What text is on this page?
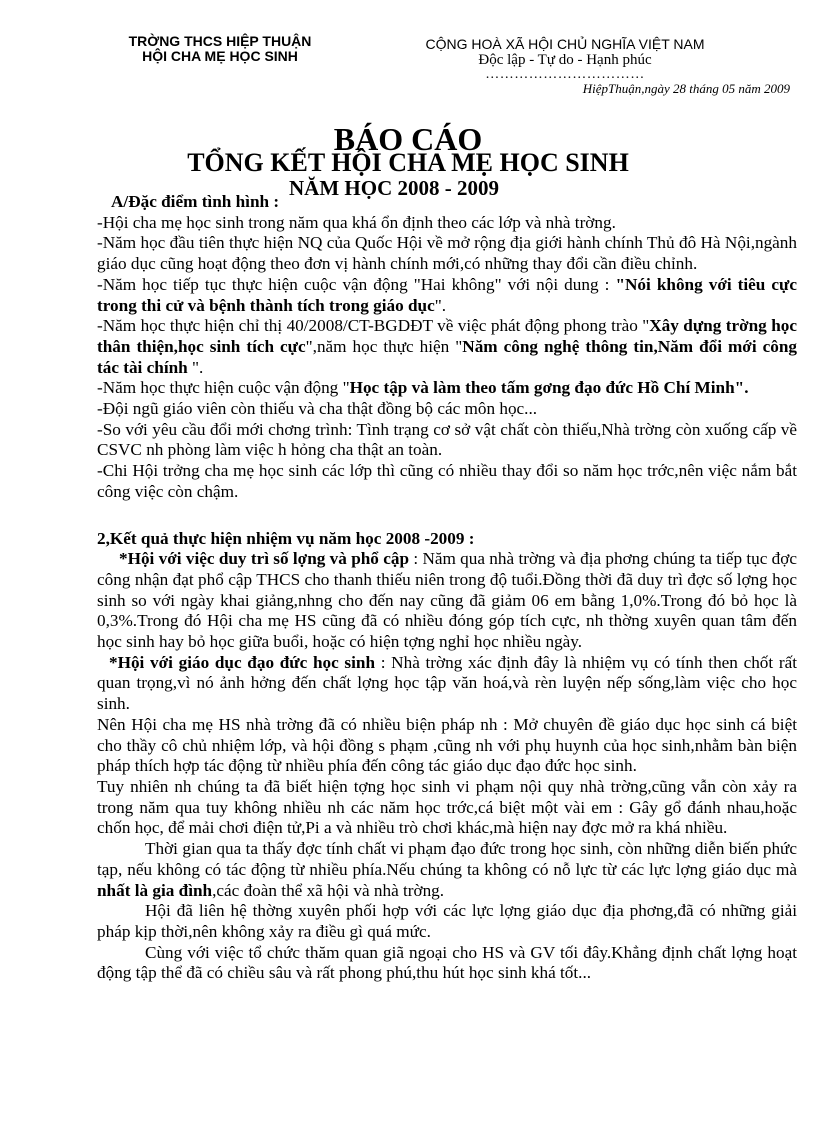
TRỜNG THCS HIỆP THUẬN
HỘI CHA MẸ HỌC SINH
CỘNG HOÀ XÃ HỘI CHỦ NGHĨA VIỆT NAM
Độc lập - Tự do - Hạnh phúc
……………………………
HiệpThuận,ngày 28 tháng 05 năm 2009
BÁO CÁO
TỔNG KẾT HỘI CHA MẸ HỌC SINH
NĂM HỌC 2008 - 2009

A/Đặc điểm tình hình :

-Hội cha mẹ học sinh trong năm qua khá ổn định theo các lớp và nhà trờng.

-Năm học đầu tiên thực hiện NQ của Quốc Hội về mở rộng địa giới hành chính Thủ đô Hà Nội,ngành giáo dục cũng hoạt động theo đơn vị hành chính mới,có những thay đổi cần điều chỉnh.

-Năm học tiếp tục thực hiện cuộc vận động "Hai không" với nội dung : "Nói không với tiêu cực trong thi cử và bệnh thành tích trong giáo dục".

-Năm học thực hiện chỉ thị 40/2008/CT-BGDĐT về việc phát động phong trào "Xây dựng trờng học thân thiện,học sinh tích cực",năm học thực hiện "Năm công nghệ thông tin,Năm đổi mới công tác tài chính ".

-Năm học thực hiện cuộc vận động "Học tập và làm theo tấm gơng đạo đức Hồ Chí Minh".

-Đội ngũ giáo viên còn thiếu và cha thật đồng bộ các môn học...

-So với yêu cầu đổi mới chơng trình: Tình trạng cơ sở vật chất còn thiếu,Nhà trờng còn xuống cấp về CSVC nh phòng làm việc h hỏng cha thật an toàn.

-Chi Hội trởng cha mẹ học sinh các lớp thì cũng có nhiều thay đổi so năm học trớc,nên việc nắm bắt công việc còn chậm.

2,Kết quả thực hiện nhiệm vụ năm học 2008 -2009 :

*Hội với việc duy trì số lợng và phổ cập : Năm qua nhà trờng và địa phơng chúng ta tiếp tục đợc công nhận đạt phổ cập THCS cho thanh thiếu niên trong độ tuổi.Đồng thời đã duy trì đợc số lợng học sinh so với ngày khai giảng,nhng cho đến nay cũng đã giảm 06 em bằng 1,0%.Trong đó bỏ học là 0,3%.Trong đó Hội cha mẹ HS cũng đã có nhiều đóng góp tích cực, nh thờng xuyên quan tâm đến học sinh hay bỏ học giữa buổi, hoặc có hiện tợng nghỉ học nhiều ngày.

*Hội với giáo dục đạo đức học sinh : Nhà trờng xác định đây là nhiệm vụ có tính then chốt rất quan trọng,vì nó ảnh hởng đến chất lợng học tập văn hoá,và rèn luyện nếp sống,làm việc cho học sinh.

Nên Hội cha mẹ HS nhà trờng đã có nhiều biện pháp nh : Mở chuyên đề giáo dục học sinh cá biệt cho thầy cô chủ nhiệm lớp, và hội đồng s phạm ,cũng nh với phụ huynh của học sinh,nhằm bàn biện pháp thích hợp tác động từ nhiều phía đến công tác giáo dục đạo đức học sinh.

Tuy nhiên nh chúng ta đã biết hiện tợng học sinh vi phạm nội quy nhà trờng,cũng vẫn còn xảy ra trong năm qua tuy không nhiều nh các năm học trớc,cá biệt một vài em : Gây gổ đánh nhau,hoặc chốn học, để mải chơi điện tử,Pi a và nhiều trò chơi khác,mà hiện nay đợc mở ra khá nhiều.

Thời gian qua ta thấy đợc tính chất vi phạm đạo đức trong học sinh, còn những diễn biến phức tạp, nếu không có tác động từ nhiều phía.Nếu chúng ta không có nỗ lực từ các lực lợng giáo dục mà nhất là gia đình,các đoàn thể xã hội và nhà trờng.

Hội đã liên hệ thờng xuyên phối hợp với các lực lợng giáo dục địa phơng,đã có những giải pháp kịp thời,nên không xảy ra điều gì quá mức.

Cùng với việc tổ chức thăm quan giã ngoại cho HS và GV tối đây.Khẳng định chất lợng hoạt động tập thể đã có chiều sâu và rất phong phú,thu hút học sinh khá tốt...
